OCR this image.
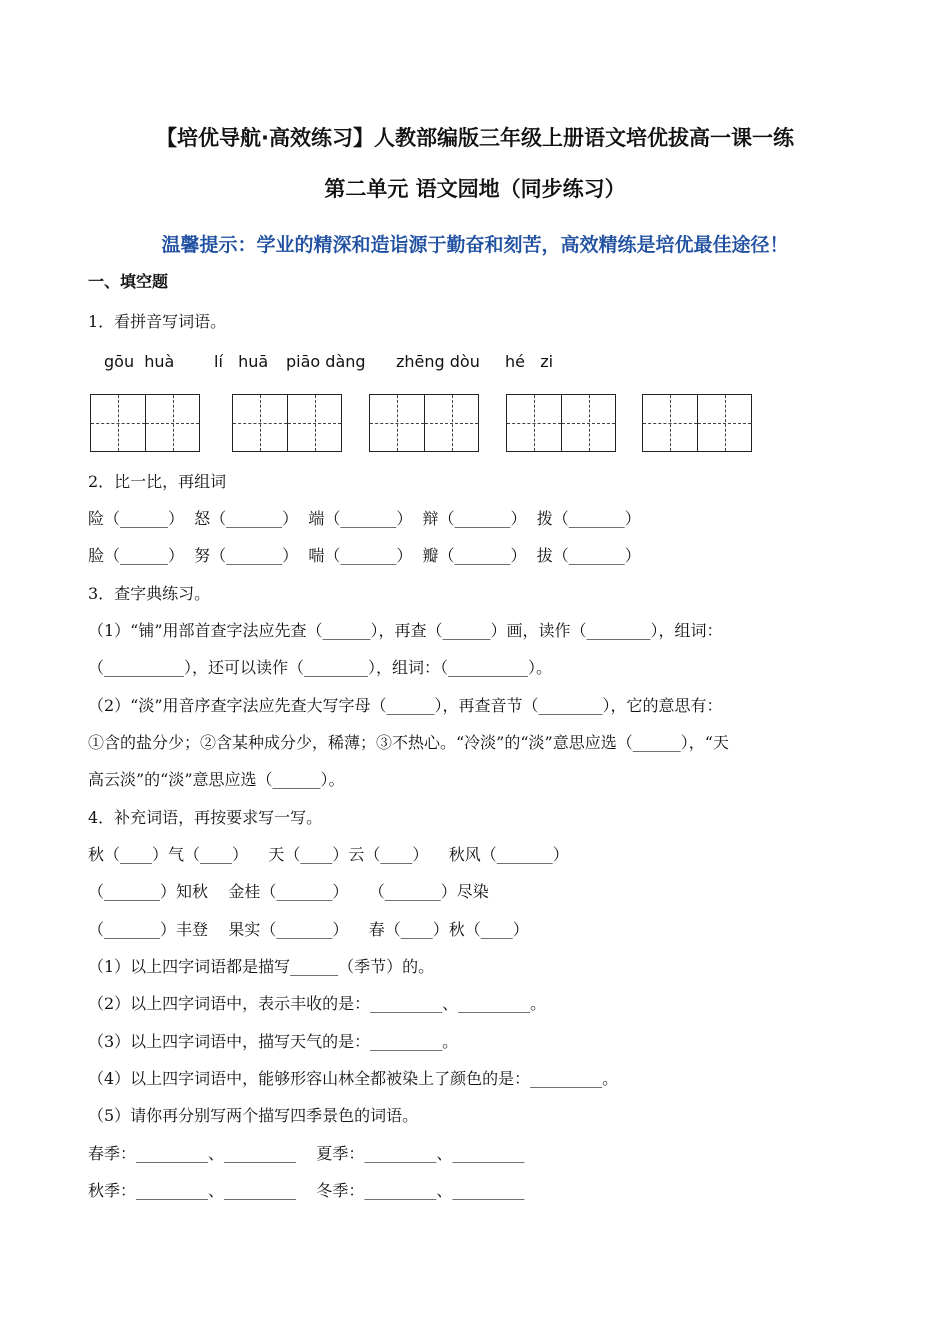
【培优导航·高效练习】人教部编版三年级上册语文培优拔高一课一练
第二单元 语文园地（同步练习）
温馨提示：学业的精深和造诣源于勤奋和刻苦，高效精练是培优最佳途径！
一、填空题
1．看拼音写词语。
gōu  huà lí   huā piāo dàng zhēng dòu hé   zi
2．比一比，再组词
险（______）  怒（_______）  端（_______）  辩（_______）  拨（_______）
脸（______）  努（_______）  喘（_______）  瓣（_______）  拔（_______）
3．查字典练习。
（1）“铺”用部首查字法应先查（______），再查（______）画，读作（________），组词：
（__________），还可以读作（________），组词：（__________）。
（2）“淡”用音序查字法应先查大写字母（______），再查音节（________），它的意思有：
①含的盐分少；②含某种成分少，稀薄；③不热心。“冷淡”的“淡”意思应选（______），“天
高云淡”的“淡”意思应选（______）。
4．补充词语，再按要求写一写。
秋（____）气（____）    天（____）云（____）    秋风（_______）
（_______）知秋    金桂（_______）    （_______）尽染
（_______）丰登    果实（_______）    春（____）秋（____）
（1）以上四字词语都是描写______（季节）的。
（2）以上四字词语中，表示丰收的是：_________、_________。
（3）以上四字词语中，描写天气的是：_________。
（4）以上四字词语中，能够形容山林全都被染上了颜色的是：_________。
（5）请你再分别写两个描写四季景色的词语。
春季：_________、_________    夏季：_________、_________
秋季：_________、_________    冬季：_________、_________
